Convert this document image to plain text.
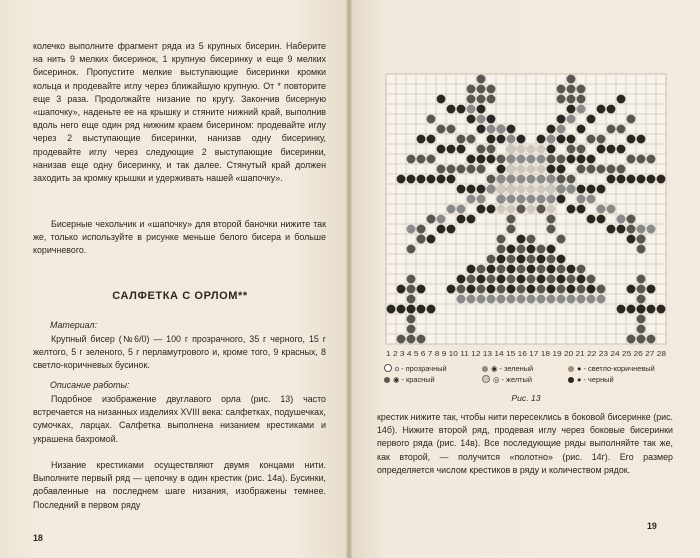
колечко выполните фрагмент ряда из 5 крупных бисерин. Наберите на нить 9 мелких бисеринок, 1 крупную бисеринку и еще 9 мелких бисеринок. Пропустите мелкие выступающие бисеринки кромки кольца и продевайте иглу через ближайшую крупную. От * повторите еще 3 раза. Продолжайте низание по кругу. Закончив бисерную «шапочку», наденьте ее на крышку и стяните нижний край, выполнив вдоль него еще один ряд нижним краем бисерином: продевайте иглу через 2 выступающие бисеринки, нанизав одну бисеринку, продевайте иглу через следующие 2 выступающие бисеринки, нанизав еще одну бисеринку, и так далее. Стянутый край должен заходить за кромку крышки и удерживать нашей «шапочку».
Бисерные чехольчик и «шапочку» для второй баночки нижите так же, только используйте в рисунке меньше белого бисера и больше коричневого.
САЛФЕТКА С ОРЛОМ**
Материал:
Крупный бисер (№6/0) — 100 г прозрачного, 35 г черного, 15 г желтого, 5 г зеленого, 5 г перламутрового и, кроме того, 9 красных, 8 светло-коричневых бусинок.
Описание работы:
Подобное изображение двуглавого орла (рис. 13) часто встречается на низанных изделиях XVIII века: салфетках, подушечках, сумочках, ларцах. Салфетка выполнена низанием крестиками и украшена бахромой.
Низание крестиками осуществляют двумя концами нити. Выполните первый ряд — цепочку в один крестик (рис. 14а). Бусинки, добавленные на последнем шаге низания, изображены темнее. Последний в первом ряду
18
1 2 3 4 5 6 7 8 9 10 11 12 13 14 15 16 17 18 19 20 21 22 23 24 25 26 27 28
о - прозрачный	◉ - зеленый	● - светло-коричневый
◉ - красный	◎ - желтый	● - черный
Рис. 13
крестик нижите так, чтобы нити пересеклись в боковой бисеринке (рис. 14б). Нижите второй ряд, продевая иглу через боковые бисеринки первого ряда (рис. 14в). Все последующие ряды выполняйте так же, как второй, — получится «полотно» (рис. 14г). Его размер определяется числом крестиков в ряду и количеством рядок.
19
